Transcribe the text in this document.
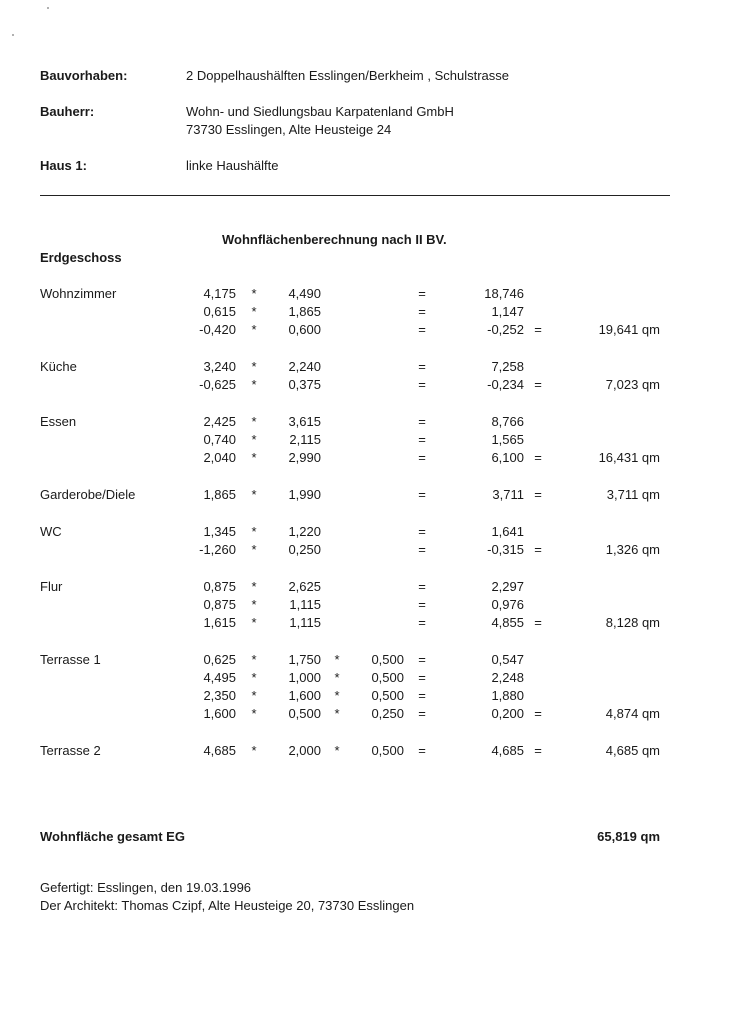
Bauvorhaben:	2 Doppelhaushälften Esslingen/Berkheim , Schulstrasse
Bauherr:	Wohn- und Siedlungsbau Karpatenland GmbH
73730 Esslingen, Alte Heusteige 24
Haus 1:	linke Haushälfte
Wohnflächenberechnung nach II BV.
Erdgeschoss
Wohnzimmer	4,175 *	4,490	=	18,746
0,615 *	1,865	=	1,147
-0,420 *	0,600	=	-0,252 =	19,641 qm
Küche	3,240 *	2,240	=	7,258
-0,625 *	0,375	=	-0,234 =	7,023 qm
Essen	2,425 *	3,615	=	8,766
0,740 *	2,115	=	1,565
2,040 *	2,990	=	6,100 =	16,431 qm
Garderobe/Diele	1,865 *	1,990	=	3,711 =	3,711 qm
WC	1,345 *	1,220	=	1,641
-1,260 *	0,250	=	-0,315 =	1,326 qm
Flur	0,875 *	2,625	=	2,297
0,875 *	1,115	=	0,976
1,615 *	1,115	=	4,855 =	8,128 qm
Terrasse 1	0,625 *	1,750 *	0,500	=	0,547
4,495 *	1,000 *	0,500	=	2,248
2,350 *	1,600 *	0,500	=	1,880
1,600 *	0,500 *	0,250	=	0,200 =	4,874 qm
Terrasse 2	4,685 *	2,000 *	0,500	=	4,685 =	4,685 qm
Wohnfläche gesamt EG	65,819 qm
Gefertigt: Esslingen, den 19.03.1996
Der Architekt: Thomas Czipf, Alte Heusteige 20, 73730 Esslingen
